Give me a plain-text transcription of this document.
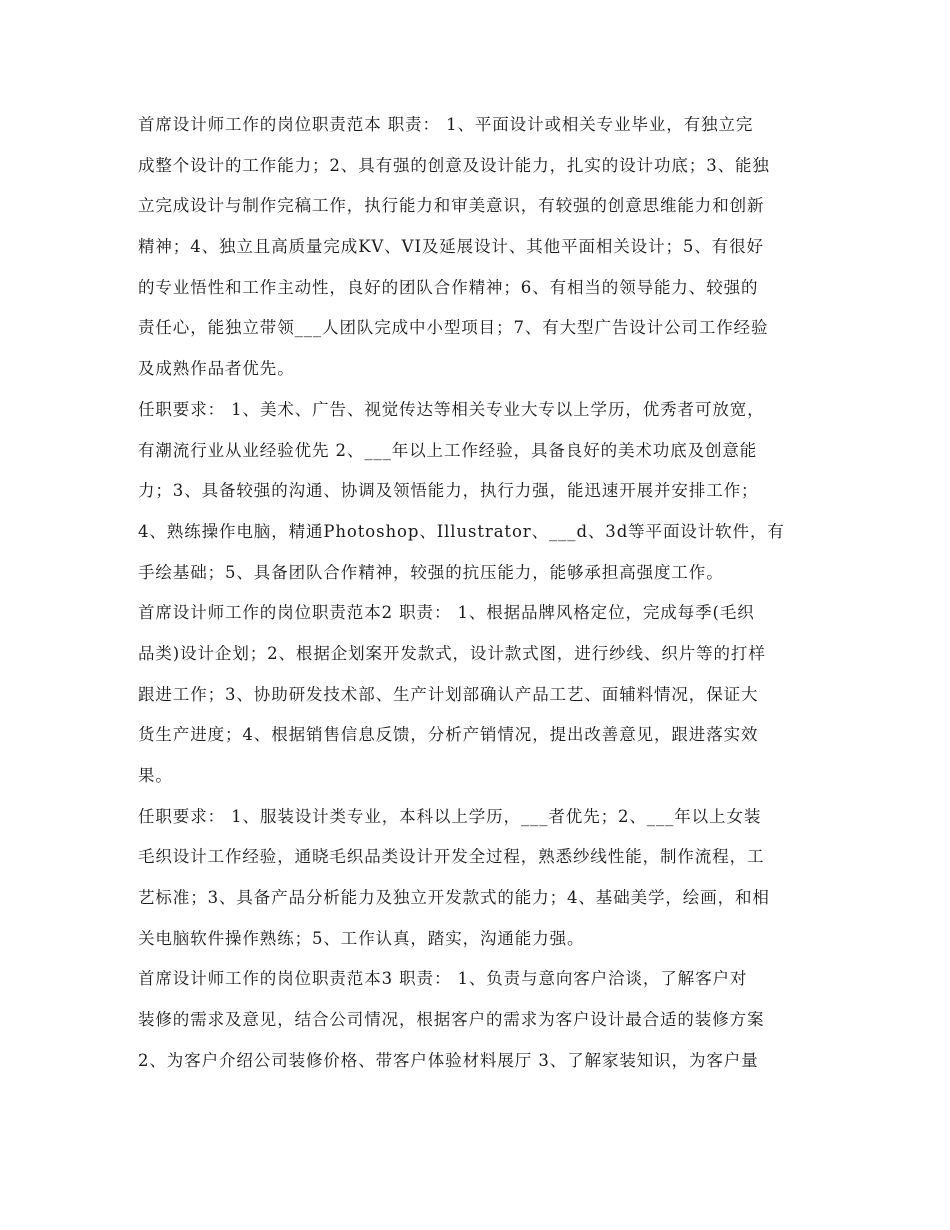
首席设计师工作的岗位职责范本 职责： 1、平面设计或相关专业毕业，有独立完
成整个设计的工作能力；2、具有强的创意及设计能力，扎实的设计功底；3、能独
立完成设计与制作完稿工作，执行能力和审美意识，有较强的创意思维能力和创新
精神；4、独立且高质量完成KV、VI及延展设计、其他平面相关设计；5、有很好
的专业悟性和工作主动性，良好的团队合作精神；6、有相当的领导能力、较强的
责任心，能独立带领___人团队完成中小型项目；7、有大型广告设计公司工作经验
及成熟作品者优先。

任职要求： 1、美术、广告、视觉传达等相关专业大专以上学历，优秀者可放宽，
有潮流行业从业经验优先 2、___年以上工作经验，具备良好的美术功底及创意能
力；3、具备较强的沟通、协调及领悟能力，执行力强，能迅速开展并安排工作；
4、熟练操作电脑，精通Photoshop、Illustrator、___d、3d等平面设计软件，有
手绘基础；5、具备团队合作精神，较强的抗压能力，能够承担高强度工作。

首席设计师工作的岗位职责范本2 职责： 1、根据品牌风格定位，完成每季(毛织
品类)设计企划；2、根据企划案开发款式，设计款式图，进行纱线、织片等的打样
跟进工作；3、协助研发技术部、生产计划部确认产品工艺、面辅料情况，保证大
货生产进度；4、根据销售信息反馈，分析产销情况，提出改善意见，跟进落实效
果。

任职要求： 1、服装设计类专业，本科以上学历，___者优先；2、___年以上女装
毛织设计工作经验，通晓毛织品类设计开发全过程，熟悉纱线性能，制作流程，工
艺标准；3、具备产品分析能力及独立开发款式的能力；4、基础美学，绘画，和相
关电脑软件操作熟练；5、工作认真，踏实，沟通能力强。

首席设计师工作的岗位职责范本3 职责： 1、负责与意向客户洽谈，了解客户对
装修的需求及意见，结合公司情况，根据客户的需求为客户设计最合适的装修方案
2、为客户介绍公司装修价格、带客户体验材料展厅 3、了解家装知识，为客户量
